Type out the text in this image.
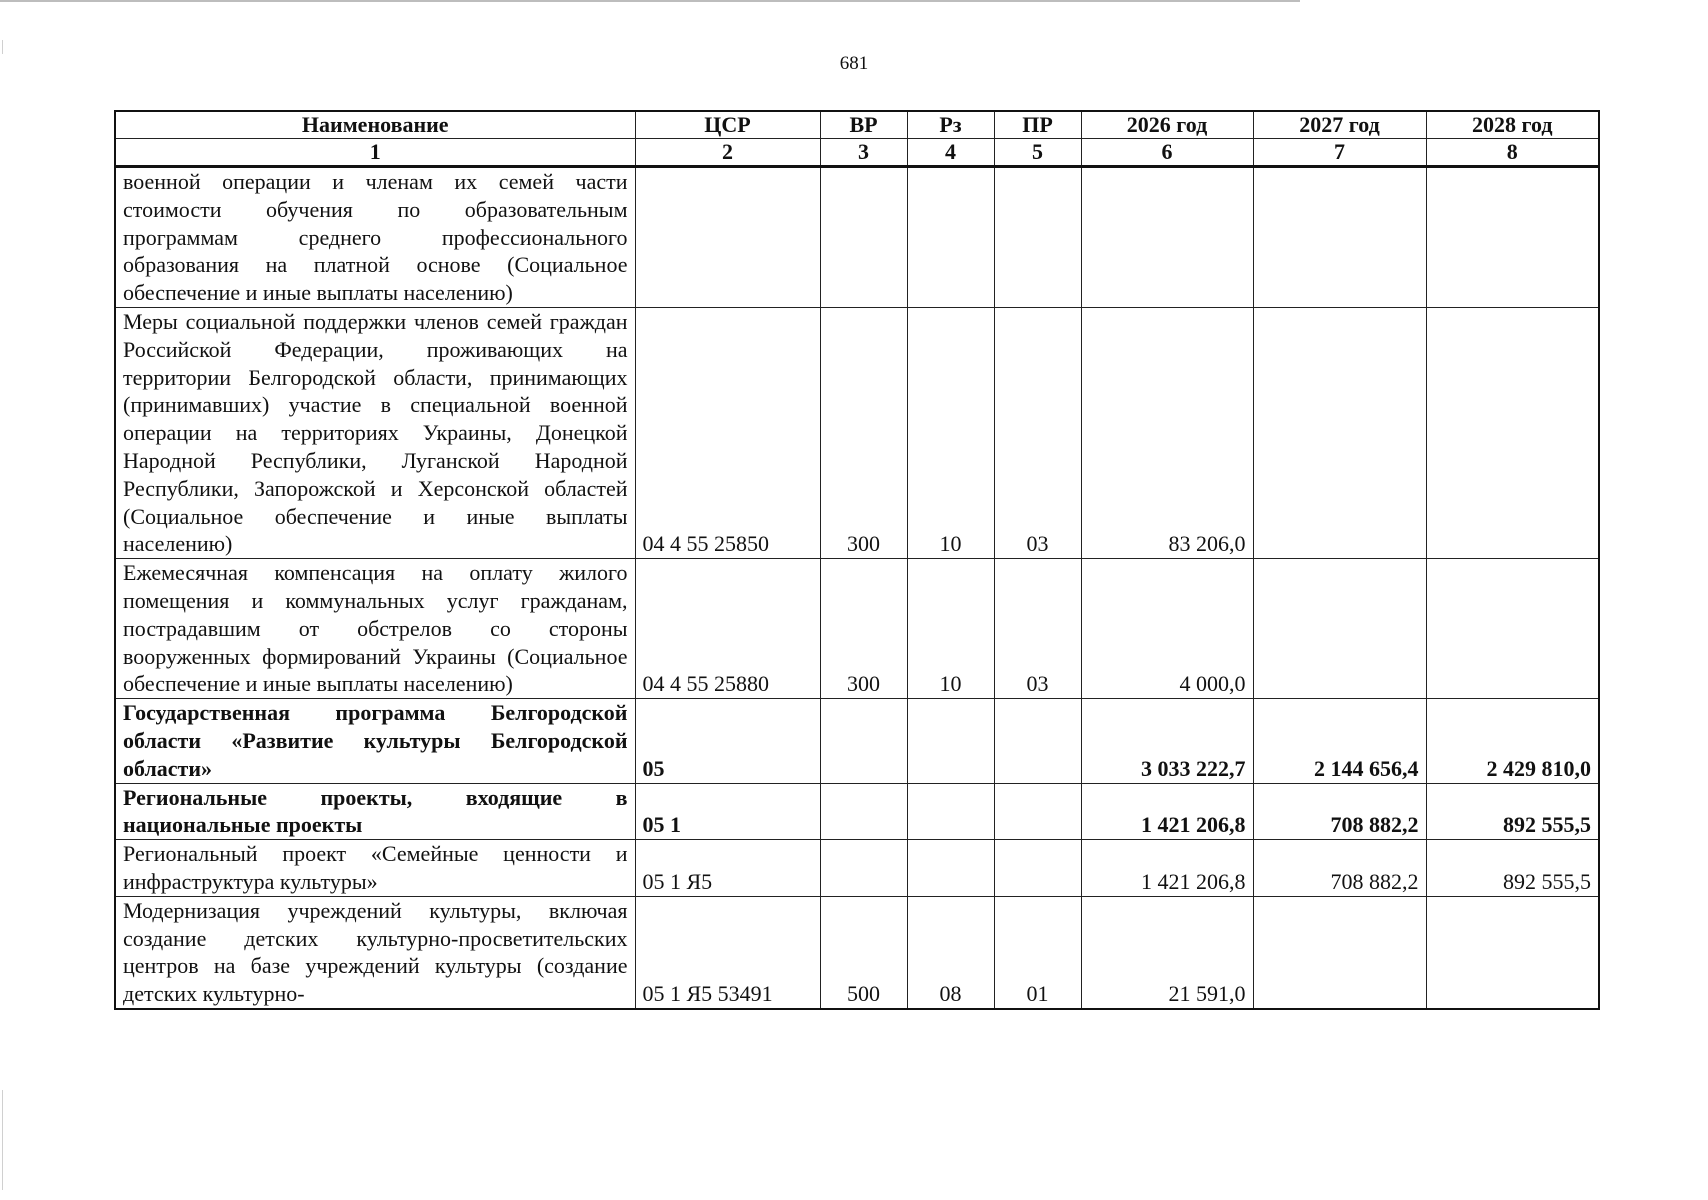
681
Наименование	ЦСР	ВР	Рз	ПР	2026 год	2027 год	2028 год
1	2	3	4	5	6	7	8
военной операции и членам их семей части стоимости обучения по образовательным программам среднего профессионального образования на платной основе (Социальное обеспечение и иные выплаты населению)							
Меры социальной поддержки членов семей граждан Российской Федерации, проживающих на территории Белгородской области, принимающих (принимавших) участие в специальной военной операции на территориях Украины, Донецкой Народной Республики, Луганской Народной Республики, Запорожской и Херсонской областей (Социальное обеспечение и иные выплаты населению)	04 4 55 25850	300	10	03	83 206,0		
Ежемесячная компенсация на оплату жилого помещения и коммунальных услуг гражданам, пострадавшим от обстрелов со стороны вооруженных формирований Украины (Социальное обеспечение и иные выплаты населению)	04 4 55 25880	300	10	03	4 000,0		
Государственная программа Белгородской области «Развитие культуры Белгородской области»	05				3 033 222,7	2 144 656,4	2 429 810,0
Региональные проекты, входящие в национальные проекты	05 1				1 421 206,8	708 882,2	892 555,5
Региональный проект «Семейные ценности и инфраструктура культуры»	05 1 Я5				1 421 206,8	708 882,2	892 555,5
Модернизация учреждений культуры, включая создание детских культурно-просветительских центров на базе учреждений культуры (создание детских культурно-	05 1 Я5 53491	500	08	01	21 591,0		
